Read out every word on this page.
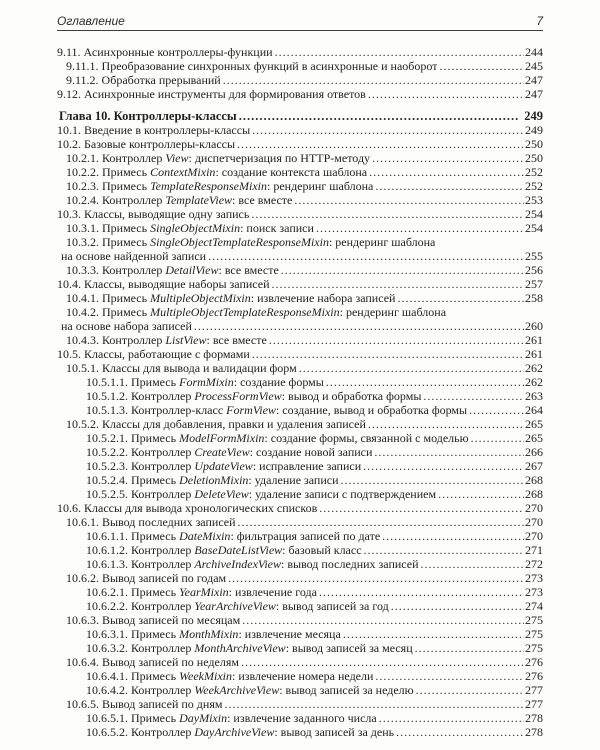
Оглавление	7
9.11. Асинхронные контроллеры-функции .....	244
9.11.1. Преобразование синхронных функций в асинхронные и наоборот .....	245
9.11.2. Обработка прерываний .....	247
9.12. Асинхронные инструменты для формирования ответов .....	247
Глава 10. Контроллеры-классы .....	249
10.1. Введение в контроллеры-классы .....	249
10.2. Базовые контроллеры-классы .....	250
10.2.1. Контроллер View: диспетчеризация по HTTP-методу .....	250
10.2.2. Примесь ContextMixin: создание контекста шаблона .....	252
10.2.3. Примесь TemplateResponseMixin: рендеринг шаблона .....	252
10.2.4. Контроллер TemplateView: все вместе .....	253
10.3. Классы, выводящие одну запись .....	254
10.3.1. Примесь SingleObjectMixin: поиск записи .....	254
10.3.2. Примесь SingleObjectTemplateResponseMixin: рендеринг шаблона
на основе найденной записи .....	255
10.3.3. Контроллер DetailView: все вместе .....	256
10.4. Классы, выводящие наборы записей .....	257
10.4.1. Примесь MultipleObjectMixin: извлечение набора записей .....	258
10.4.2. Примесь MultipleObjectTemplateResponseMixin: рендеринг шаблона
на основе набора записей .....	260
10.4.3. Контроллер ListView: все вместе .....	261
10.5. Классы, работающие с формами .....	261
10.5.1. Классы для вывода и валидации форм .....	262
10.5.1.1. Примесь FormMixin: создание формы .....	262
10.5.1.2. Контроллер ProcessFormView: вывод и обработка формы .....	263
10.5.1.3. Контроллер-класс FormView: создание, вывод и обработка формы .....	264
10.5.2. Классы для добавления, правки и удаления записей .....	265
10.5.2.1. Примесь ModelFormMixin: создание формы, связанной с моделью .....	265
10.5.2.2. Контроллер CreateView: создание новой записи .....	266
10.5.2.3. Контроллер UpdateView: исправление записи .....	267
10.5.2.4. Примесь DeletionMixin: удаление записи .....	268
10.5.2.5. Контроллер DeleteView: удаление записи с подтверждением .....	268
10.6. Классы для вывода хронологических списков .....	270
10.6.1. Вывод последних записей .....	270
10.6.1.1. Примесь DateMixin: фильтрация записей по дате .....	270
10.6.1.2. Контроллер BaseDateListView: базовый класс .....	271
10.6.1.3. Контроллер ArchiveIndexView: вывод последних записей .....	272
10.6.2. Вывод записей по годам .....	273
10.6.2.1. Примесь YearMixin: извлечение года .....	273
10.6.2.2. Контроллер YearArchiveView: вывод записей за год .....	274
10.6.3. Вывод записей по месяцам .....	275
10.6.3.1. Примесь MonthMixin: извлечение месяца .....	275
10.6.3.2. Контроллер MonthArchiveView: вывод записей за месяц .....	275
10.6.4. Вывод записей по неделям .....	276
10.6.4.1. Примесь WeekMixin: извлечение номера недели .....	276
10.6.4.2. Контроллер WeekArchiveView: вывод записей за неделю .....	277
10.6.5. Вывод записей по дням .....	277
10.6.5.1. Примесь DayMixin: извлечение заданного числа .....	278
10.6.5.2. Контроллер DayArchiveView: вывод записей за день .....	278
